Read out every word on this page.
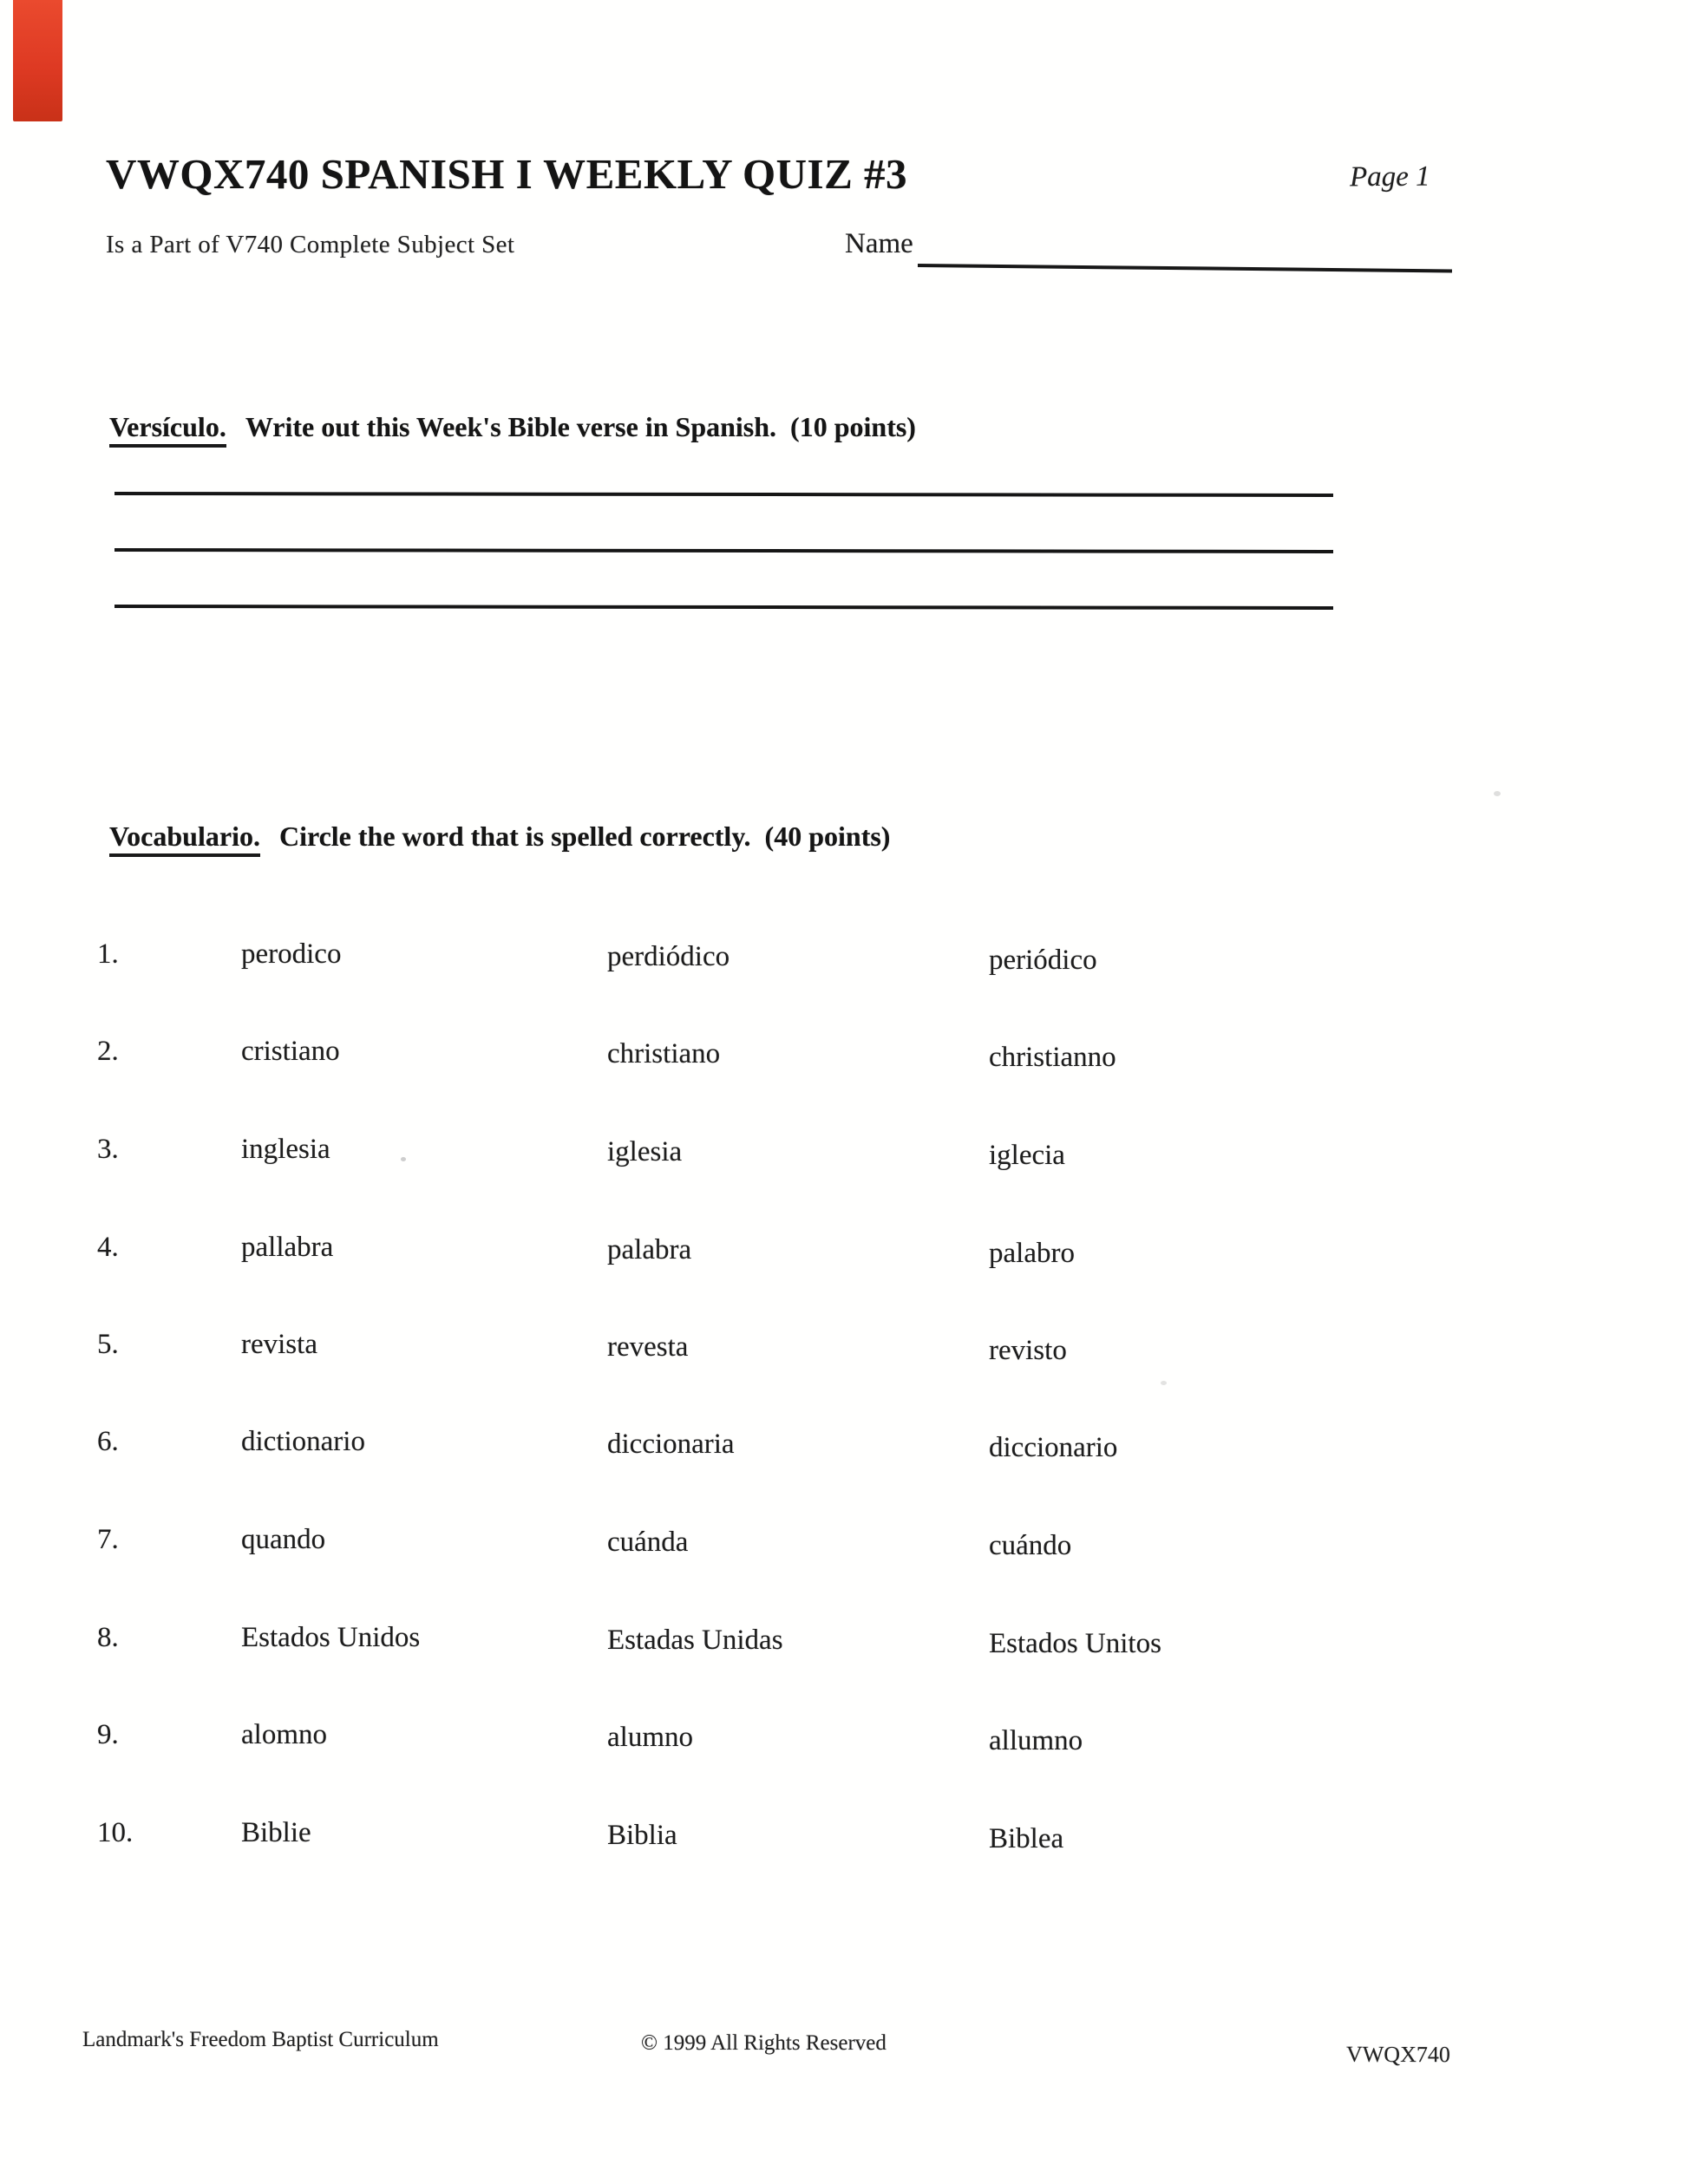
VWQX740 SPANISH I WEEKLY QUIZ #3	Page 1
Is a Part of V740 Complete Subject Set	Name
Versículo. Write out this Week's Bible verse in Spanish. (10 points)
Vocabulario. Circle the word that is spelled correctly. (40 points)
1.	perodico	perdiódico	periódico
2.	cristiano	christiano	christianno
3.	inglesia	iglesia	iglecia
4.	pallabra	palabra	palabro
5.	revista	revesta	revisto
6.	dictionario	diccionaria	diccionario
7.	quando	cuánda	cuándo
8.	Estados Unidos	Estadas Unidas	Estados Unitos
9.	alomno	alumno	allumno
10.	Biblie	Biblia	Biblea
Landmark's Freedom Baptist Curriculum	© 1999 All Rights Reserved	VWQX740
